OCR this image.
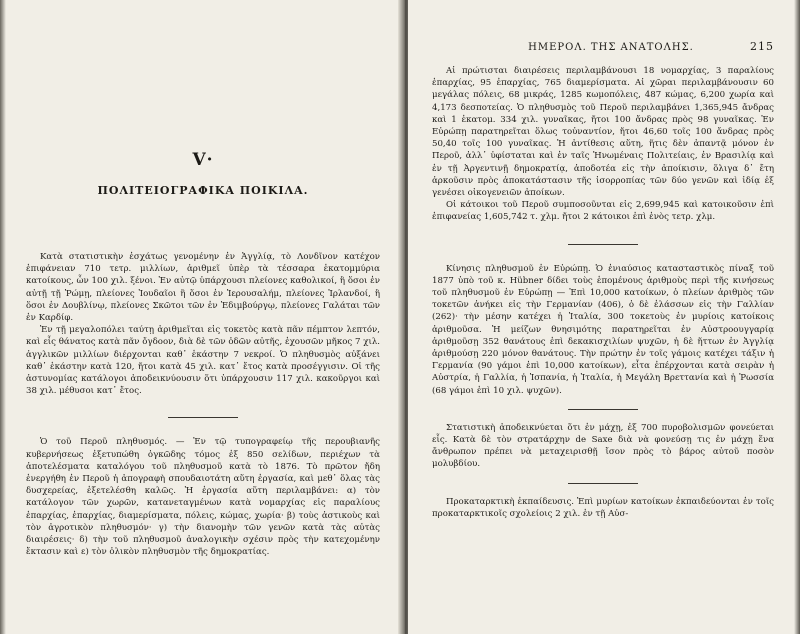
V·
ΠΟΛΙΤΕΙΟΓΡΑΦΙΚΑ ΠΟΙΚΙΛΑ.

Κατὰ στατιστικὴν ἐσχάτως γενομένην ἐν Ἀγγλίᾳ, τὸ Λονδῖνον κατέχον ἐπιφάνειαν 710 τετρ. μιλλίων, ἀριθμεῖ ὑπὲρ τὰ τέσσαρα ἑκατομμύρια κατοίκους, ὧν 100 χιλ. ξένοι. Ἐν αὐτῷ ὑπάρχουσι πλείονες καθολικοί, ἢ ὅσοι ἐν αὐτῇ τῇ Ῥώμῃ, πλείονες Ἰουδαῖοι ἢ ὅσοι ἐν Ἱερουσαλήμ, πλείονες Ἰρλανδοί, ἢ ὅσοι ἐν Δουβλίνῳ, πλείονες Σκῶτοι τῶν ἐν Ἐδιμβούργῳ, πλείονες Γαλάται τῶν ἐν Καρδίφ.

Ἐν τῇ μεγαλοπόλει ταύτῃ ἀριθμεῖται εἰς τοκετὸς κατὰ πᾶν πέμπτον λεπτόν, καὶ εἷς θάνατος κατὰ πᾶν ὄγδοον, διὰ δὲ τῶν ὁδῶν αὐτῆς, ἐχουσῶν μῆκος 7 χιλ. ἀγγλικῶν μιλλίων διέρχονται καθ᾽ ἑκάστην 7 νεκροί. Ὁ πληθυσμὸς αὐξάνει καθ᾽ ἑκάστην κατὰ 120, ἤτοι κατὰ 45 χιλ. κατ᾽ ἔτος κατὰ προσέγγισιν. Οἱ τῆς ἀστυνομίας κατάλογοι ἀποδεικνύουσιν ὅτι ὑπάρχουσιν 117 χιλ. κακοῦργοι καὶ 38 χιλ. μέθυσοι κατ᾽ ἔτος.

Ὁ τοῦ Περοῦ πληθυσμός. — Ἐν τῷ τυπογραφείῳ τῆς περουβιανῆς κυβερνήσεως ἐξετυπώθη ὀγκῶδης τόμος ἐξ 850 σελίδων, περιέχων τὰ ἀποτελέσματα καταλόγου τοῦ πληθυσμοῦ κατὰ τὸ 1876. Τὸ πρῶτον ἤδη ἐνεργήθη ἐν Περοῦ ἡ ἀπογραφὴ σπουδαιοτάτη αὕτη ἐργασία, καὶ μεθ᾽ ὅλας τὰς δυσχερείας, ἐξετελέσθη καλῶς. Ἡ ἐργασία αὕτη περιλαμβάνει: α) τὸν κατάλογον τῶν χωρῶν, κατανεταγμένων κατὰ νομαρχίας εἰς παραλίους ἐπαρχίας, ἐπαρχίας, διαμερίσματα, πόλεις, κώμας, χωρία· β) τοὺς ἀστικοὺς καὶ τὸν ἀγροτικὸν πληθυσμόν· γ) τὴν διανομὴν τῶν γενῶν κατὰ τὰς αὐτὰς διαιρέσεις· δ) τὴν τοῦ πληθυσμοῦ ἀναλογικὴν σχέσιν πρὸς τὴν κατεχομένην ἔκτασιν καὶ ε) τὸν ὁλικὸν πληθυσμὸν τῆς δημοκρατίας.

ΗΜΕΡΟΛ. ΤΗΣ ΑΝΑΤΟΛΗΣ.	215

Αἱ πρώτισται διαιρέσεις περιλαμβάνουσι 18 νομαρχίας, 3 παραλίους ἐπαρχίας, 95 ἐπαρχίας, 765 διαμερίσματα. Αἱ χῶραι περιλαμβάνουσιν 60 μεγάλας πόλεις, 68 μικράς, 1285 κωμοπόλεις, 487 κώμας, 6,200 χωρία καὶ 4,173 δεσποτείας. Ὁ πληθυσμὸς τοῦ Περοῦ περιλαμβάνει 1,365,945 ἄνδρας καὶ 1 ἑκατομ. 334 χιλ. γυναῖκας, ἤτοι 100 ἄνδρας πρὸς 98 γυναῖκας. Ἐν Εὐρώπῃ παρατηρεῖται ὅλως τοὐναντίον, ἤτοι 46,60 τοῖς 100 ἄνδρας πρὸς 50,40 τοῖς 100 γυναῖκας. Ἡ ἀντίθεσις αὕτη, ἥτις δὲν ἀπαντᾷ μόνον ἐν Περοῦ, ἀλλ᾽ ὑφίσταται καὶ ἐν ταῖς Ἡνωμέναις Πολιτείαις, ἐν Βρασιλίᾳ καὶ ἐν τῇ Ἀργεντινῇ δημοκρατίᾳ, ἀποδοτέα εἰς τὴν ἀποίκισιν, ὅλιγα δ᾽ ἔτη ἀρκοῦσιν πρὸς ἀποκατάστασιν τῆς ἰσορροπίας τῶν δύο γενῶν καὶ ἰδίᾳ ἐξ γενέσει οἰκογενειῶν ἀποίκων.

Οἱ κάτοικοι τοῦ Περοῦ συμποσοῦνται εἰς 2,699,945 καὶ κατοικοῦσιν ἐπὶ ἐπιφανείας 1,605,742 τ. χλμ. ἤτοι 2 κάτοικοι ἐπὶ ἑνὸς τετρ. χλμ.

Κίνησις πληθυσμοῦ ἐν Εὐρώπῃ. Ὁ ἐνιαύσιος κατασταστικὸς πίναξ τοῦ 1877 ὑπὸ τοῦ κ. Hübner δίδει τοὺς ἑπομένους ἀριθμοὺς περὶ τῆς κινήσεως τοῦ πληθυσμοῦ ἐν Εὐρώπῃ — Ἐπὶ 10,000 κατοίκων, ὁ πλείων ἀριθμὸς τῶν τοκετῶν ἀνήκει εἰς τὴν Γερμανίαν (406), ὁ δὲ ἐλάσσων εἰς τὴν Γαλλίαν (262)· τὴν μέσην κατέχει ἡ Ἰταλία, 300 τοκετοὺς ἐν μυρίοις κατοίκοις ἀριθμοῦσα. Ἡ μείζων θνησιμότης παρατηρεῖται ἐν Αὐστροουγγαρίᾳ ἀριθμοῦσῃ 352 θανάτους ἐπὶ δεκακισχιλίων ψυχῶν, ἡ δὲ ἥττων ἐν Ἀγγλίᾳ ἀριθμούσῃ 220 μόνον θανάτους. Τὴν πρώτην ἐν τοῖς γάμοις κατέχει τάξιν ἡ Γερμανία (90 γάμοι ἐπὶ 10,000 κατοίκων), εἶτα ἐπέρχονται κατὰ σειρὰν ἡ Αὐστρία, ἡ Γαλλία, ἡ Ἱσπανία, ἡ Ἰταλία, ἡ Μεγάλη Βρεττανία καὶ ἡ Ῥωσσία (68 γάμοι ἐπὶ 10 χιλ. ψυχῶν).

Στατιστικὴ ἀποδεικνύεται ὅτι ἐν μάχῃ, ἐξ 700 πυροβολισμῶν φονεύεται εἷς. Κατὰ δὲ τὸν στρατάρχην de Saxe διὰ νὰ φονεύσῃ τις ἐν μάχῃ ἕνα ἄνθρωπον πρέπει νὰ μεταχειρισθῇ ἴσον πρὸς τὸ βάρος αὐτοῦ ποσὸν μολυβδίου.

Προκαταρκτικὴ ἐκπαίδευσις. Ἐπὶ μυρίων κατοίκων ἐκπαιδεύονται ἐν τοῖς προκαταρκτικοῖς σχολείοις 2 χιλ. ἐν τῇ Αὐσ-
